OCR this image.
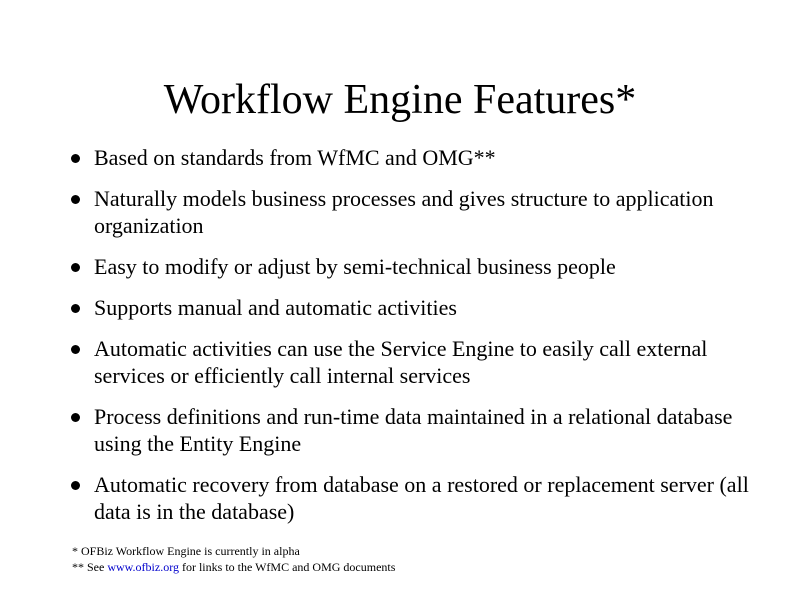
Workflow Engine Features*
Based on standards from WfMC and OMG**
Naturally models business processes and gives structure to application organization
Easy to modify or adjust by semi-technical business people
Supports manual and automatic activities
Automatic activities can use the Service Engine to easily call external services or efficiently call internal services
Process definitions and run-time data maintained in a relational database using the Entity Engine
Automatic recovery from database on a restored or replacement server (all data is in the database)
* OFBiz Workflow Engine is currently in alpha
** See www.ofbiz.org for links to the WfMC and OMG documents
